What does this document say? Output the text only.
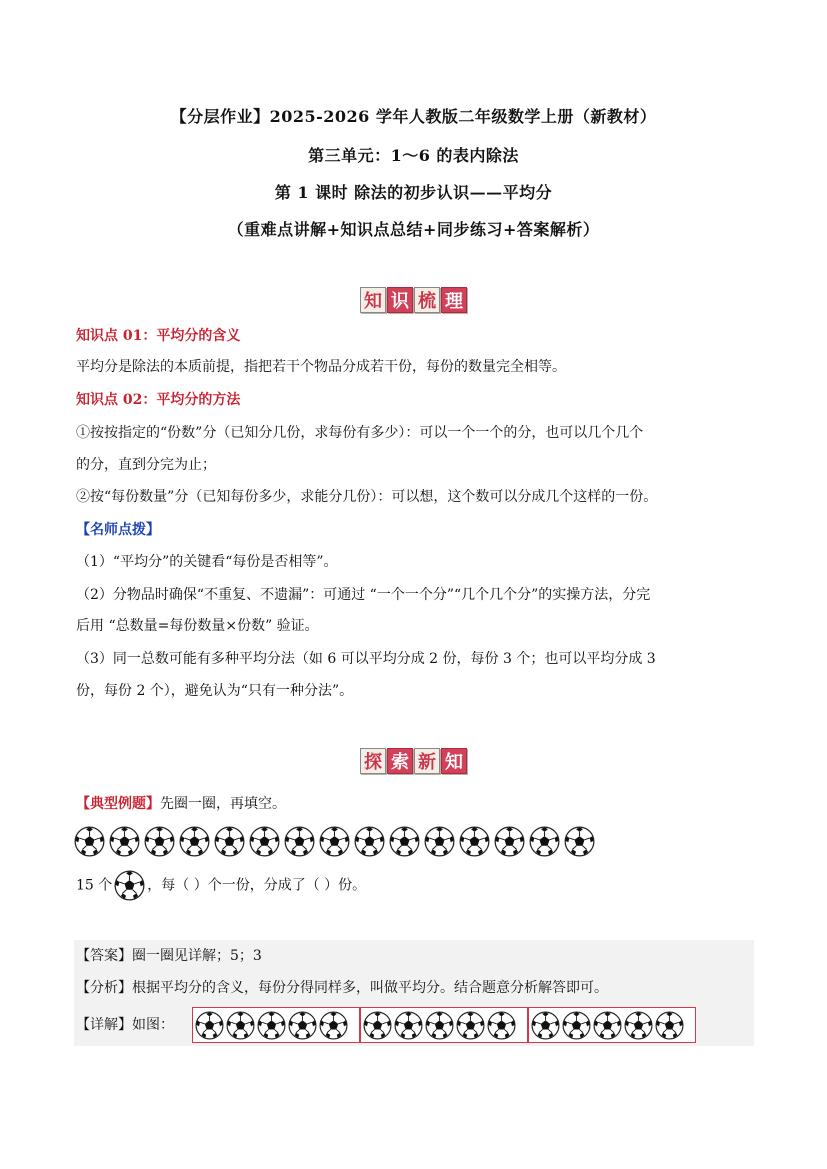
【分层作业】2025-2026 学年人教版二年级数学上册（新教材）
第三单元：1～6 的表内除法
第 1 课时 除法的初步认识——平均分
（重难点讲解+知识点总结+同步练习+答案解析）
知 识 梳 理
知识点 01：平均分的含义
平均分是除法的本质前提，指把若干个物品分成若干份，每份的数量完全相等。
知识点 02：平均分的方法
①按按指定的“份数”分（已知分几份，求每份有多少）：可以一个一个的分，也可以几个几个
的分，直到分完为止；
②按“每份数量”分（已知每份多少，求能分几份）：可以想，这个数可以分成几个这样的一份。
【名师点拨】
（1）“平均分”的关键看“每份是否相等”。
（2）分物品时确保“不重复、不遗漏”：可通过 “一个一个分”“几个几个分”的实操方法，分完
后用 “总数量=每份数量×份数” 验证。
（3）同一总数可能有多种平均分法（如 6 可以平均分成 2 份，每份 3 个；也可以平均分成 3
份，每份 2 个），避免认为“只有一种分法”。
探 索 新 知
【典型例题】先圈一圈，再填空。
15 个	，每（ ）个一份，分成了（ ）份。
【答案】圈一圈见详解；5；3
【分析】根据平均分的含义，每份分得同样多，叫做平均分。结合题意分析解答即可。
【详解】如图：
